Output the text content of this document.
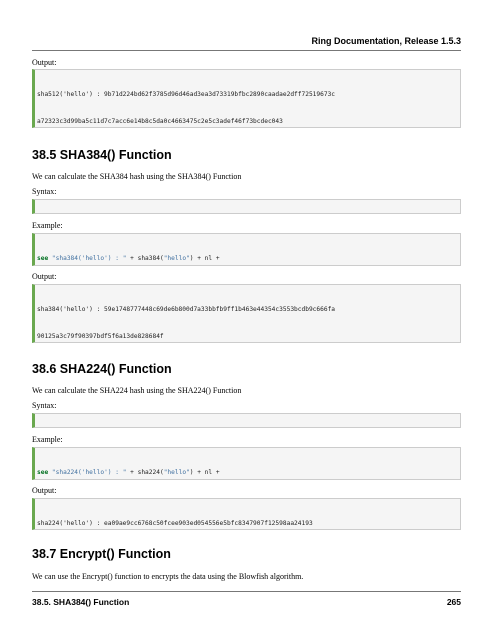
Ring Documentation, Release 1.5.3
Output:

sha512('hello') : 9b71d224bd62f3785d96d46ad3ea3d73319bfbc2890caadae2dff72519673c

a72323c3d99ba5c11d7c7acc6e14b8c5da0c4663475c2e5c3adef46f73bcdec043

38.5 SHA384() Function
We can calculate the SHA384 hash using the SHA384() Function
Syntax:

Example:

see "sha384('hello') : " + sha384("hello") + nl +

Output:

sha384('hello') : 59e1748777448c69de6b800d7a33bbfb9ff1b463e44354c3553bcdb9c666fa

90125a3c79f90397bdf5f6a13de828684f

38.6 SHA224() Function
We can calculate the SHA224 hash using the SHA224() Function
Syntax:

Example:

see "sha224('hello') : " + sha224("hello") + nl +

Output:

sha224('hello') : ea09ae9cc6768c50fcee903ed054556e5bfc8347907f12598aa24193

38.7 Encrypt() Function
We can use the Encrypt() function to encrypts the data using the Blowfish algorithm.
38.5. SHA384() Function	265
